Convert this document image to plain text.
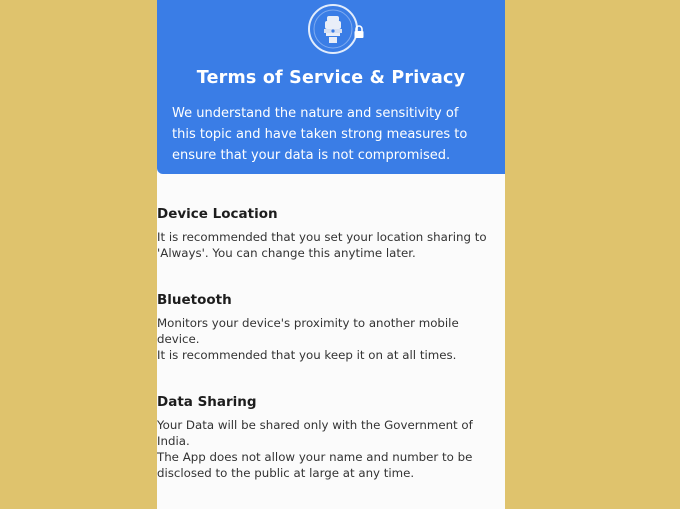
Terms of Service & Privacy
We understand the nature and sensitivity of
this topic and have taken strong measures to
ensure that your data is not compromised.
Device Location
It is recommended that you set your location sharing to
'Always'. You can change this anytime later.
Bluetooth
Monitors your device's proximity to another mobile
device.
It is recommended that you keep it on at all times.
Data Sharing
Your Data will be shared only with the Government of
India.
The App does not allow your name and number to be
disclosed to the public at large at any time.
